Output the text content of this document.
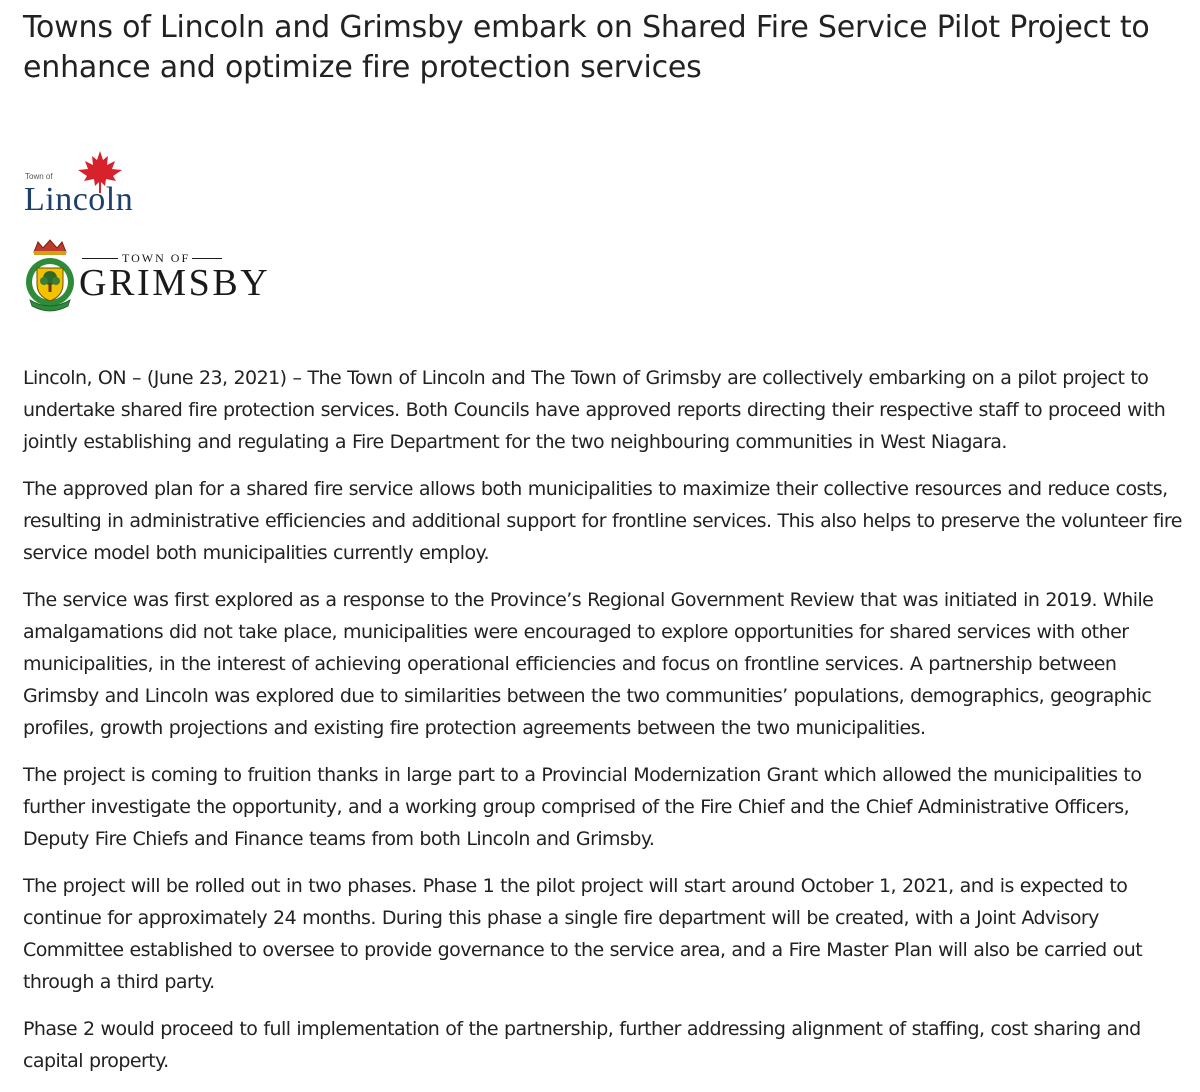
Towns of Lincoln and Grimsby embark on Shared Fire Service Pilot Project to enhance and optimize fire protection services
Town of
Lincoln
TOWN OF
GRIMSBY

Lincoln, ON – (June 23, 2021) – The Town of Lincoln and The Town of Grimsby are collectively embarking on a pilot project to undertake shared fire protection services. Both Councils have approved reports directing their respective staff to proceed with jointly establishing and regulating a Fire Department for the two neighbouring communities in West Niagara.

The approved plan for a shared fire service allows both municipalities to maximize their collective resources and reduce costs, resulting in administrative efficiencies and additional support for frontline services. This also helps to preserve the volunteer fire service model both municipalities currently employ.

The service was first explored as a response to the Province’s Regional Government Review that was initiated in 2019. While amalgamations did not take place, municipalities were encouraged to explore opportunities for shared services with other municipalities, in the interest of achieving operational efficiencies and focus on frontline services. A partnership between Grimsby and Lincoln was explored due to similarities between the two communities’ populations, demographics, geographic profiles, growth projections and existing fire protection agreements between the two municipalities.

The project is coming to fruition thanks in large part to a Provincial Modernization Grant which allowed the municipalities to further investigate the opportunity, and a working group comprised of the Fire Chief and the Chief Administrative Officers, Deputy Fire Chiefs and Finance teams from both Lincoln and Grimsby.

The project will be rolled out in two phases. Phase 1 the pilot project will start around October 1, 2021, and is expected to continue for approximately 24 months. During this phase a single fire department will be created, with a Joint Advisory Committee established to oversee to provide governance to the service area, and a Fire Master Plan will also be carried out through a third party.

Phase 2 would proceed to full implementation of the partnership, further addressing alignment of staffing, cost sharing and capital property.
